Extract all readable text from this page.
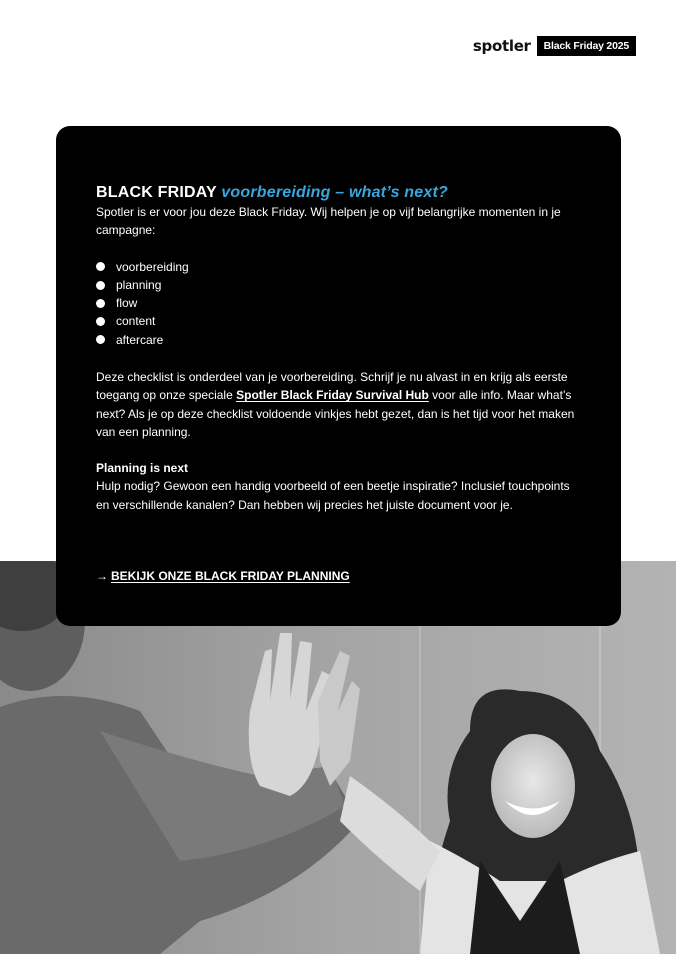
spotler	Black Friday 2025
BLACK FRIDAY voorbereiding – what’s next?

Spotler is er voor jou deze Black Friday. Wij helpen je op vijf belangrijke momenten in je campagne:

voorbereiding
planning
flow
content
aftercare

Deze checklist is onderdeel van je voorbereiding. Schrijf je nu alvast in en krijg als eerste toegang op onze speciale Spotler Black Friday Survival Hub voor alle info. Maar what’s next? Als je op deze checklist voldoende vinkjes hebt gezet, dan is het tijd voor het maken van een planning.

Planning is next

Hulp nodig? Gewoon een handig voorbeeld of een beetje inspiratie? Inclusief touchpoints en verschillende kanalen? Dan hebben wij precies het juiste document voor je.

→ BEKIJK ONZE BLACK FRIDAY PLANNING
